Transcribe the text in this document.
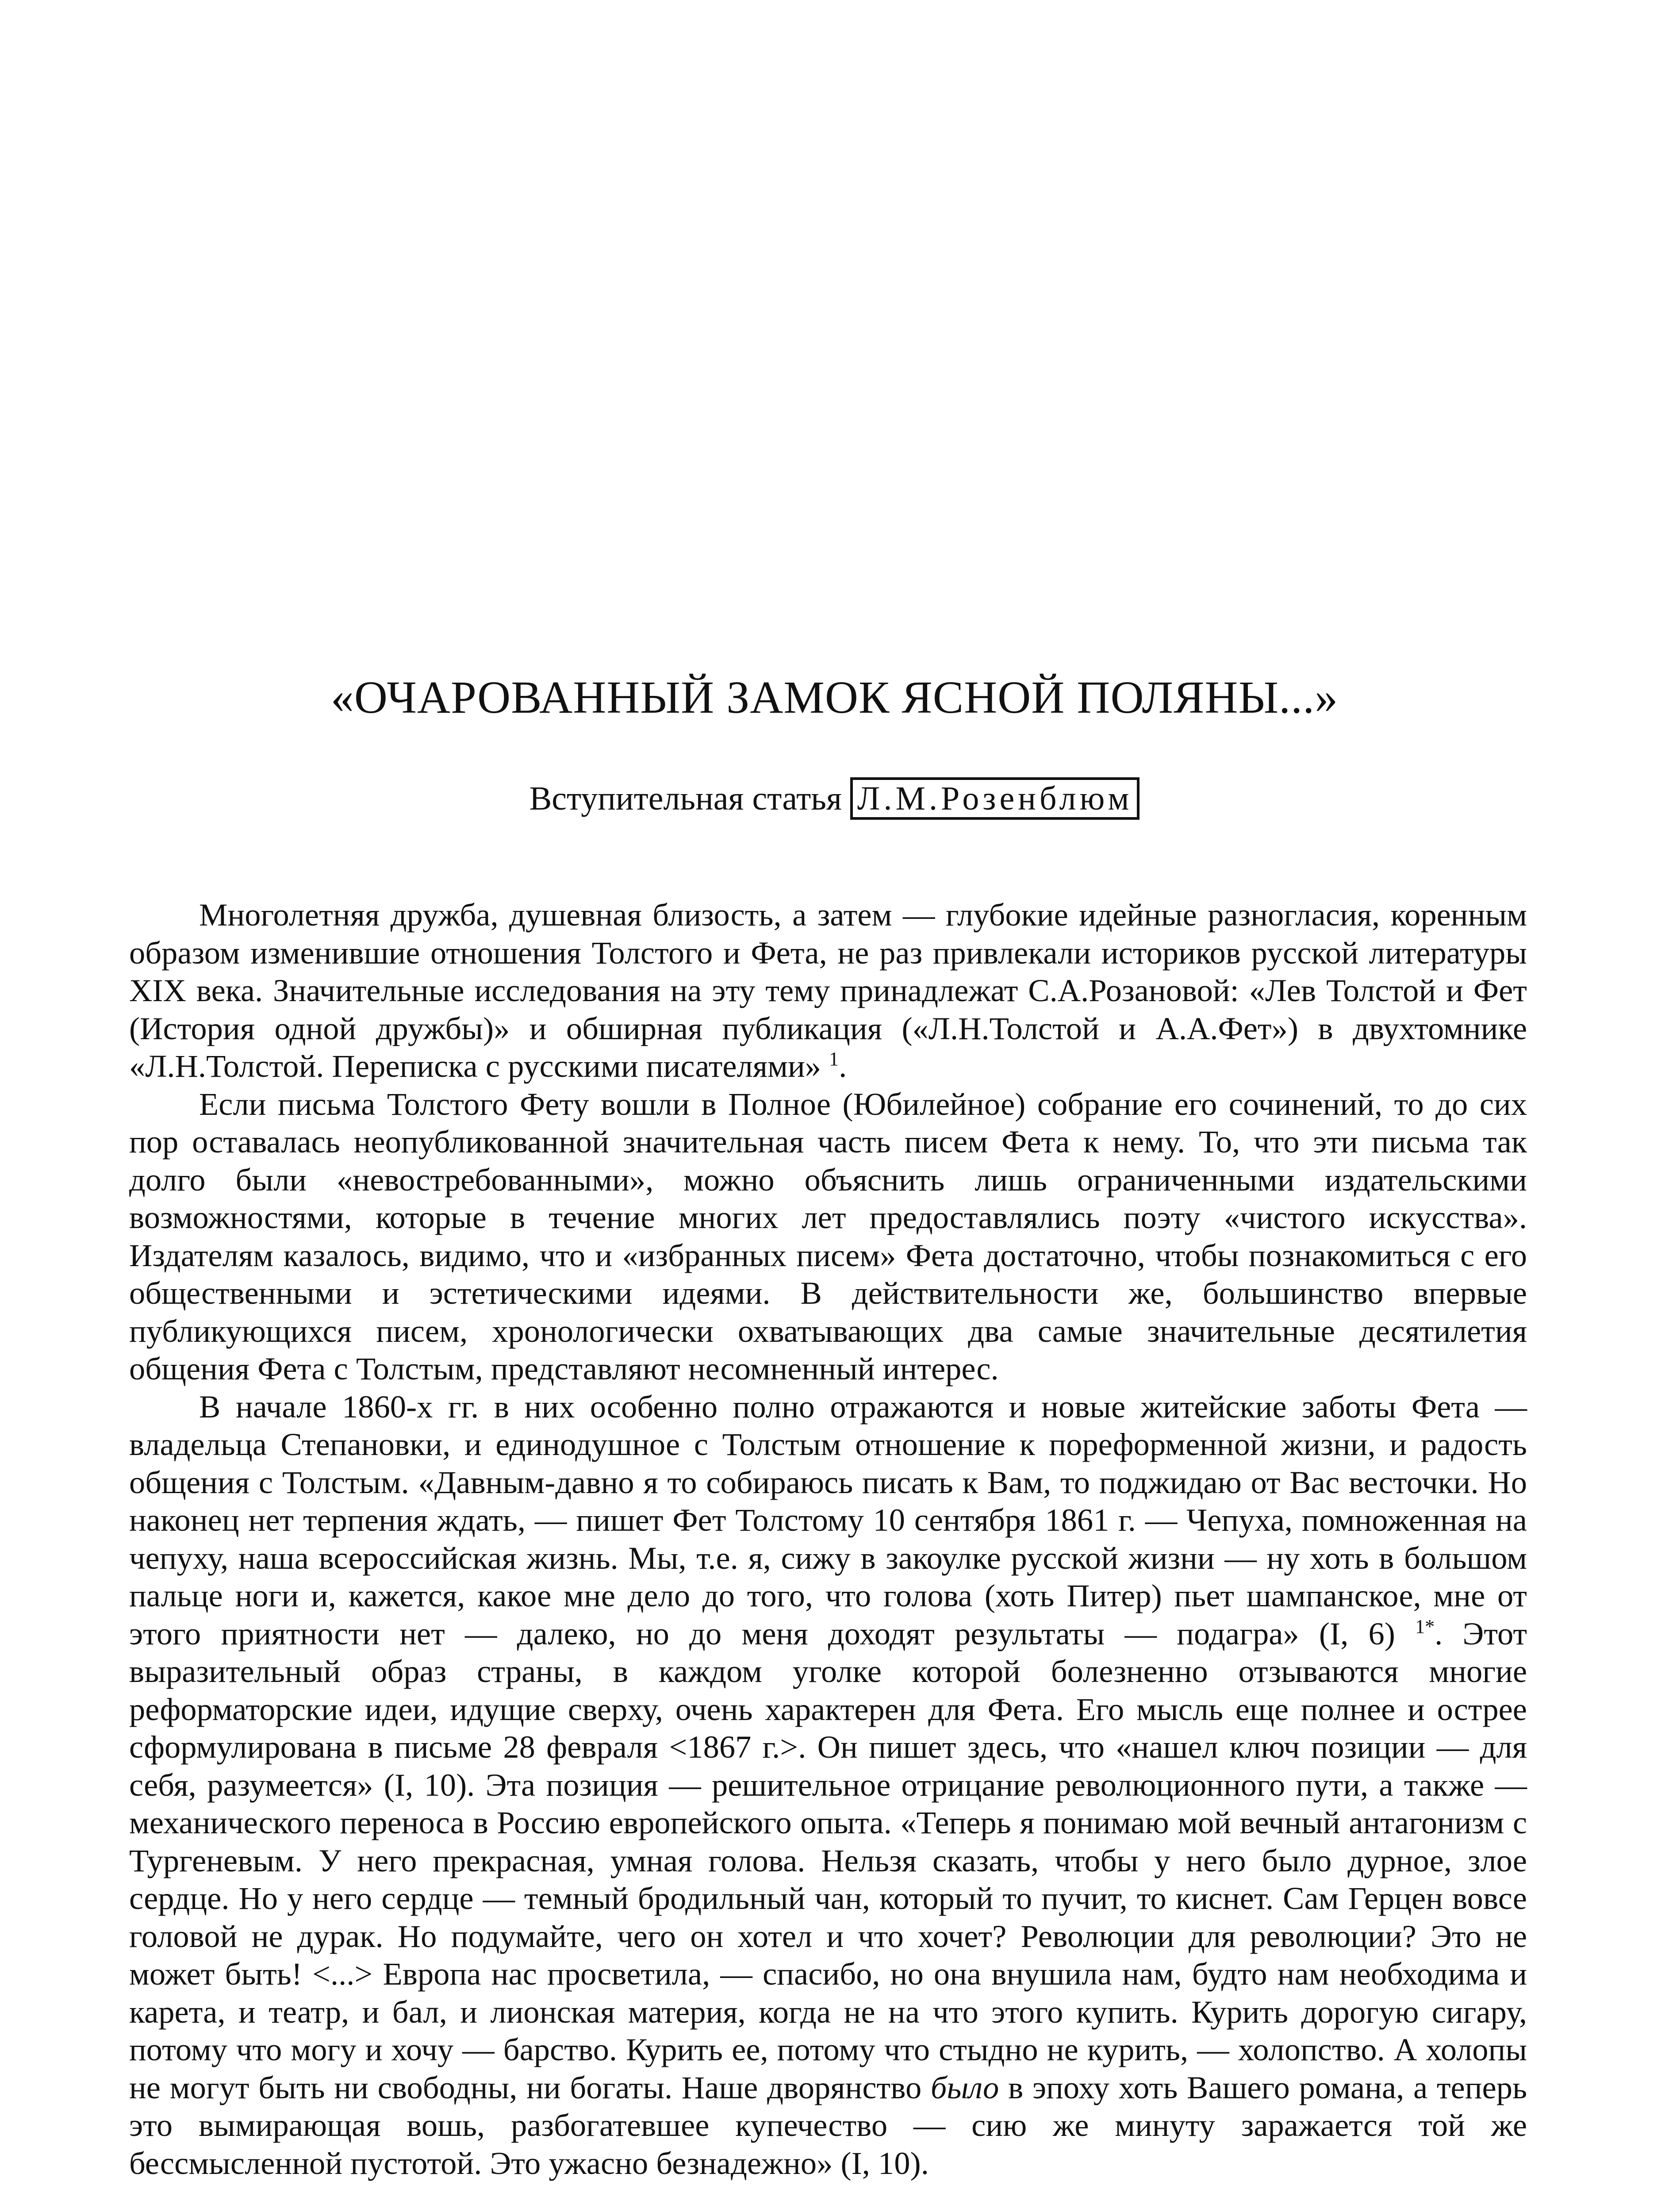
«ОЧАРОВАННЫЙ ЗАМОК ЯСНОЙ ПОЛЯНЫ...»
Вступительная статья Л.М.Розенблюм

Многолетняя дружба, душевная близость, а затем — глубокие идейные разногласия, коренным образом изменившие отношения Толстого и Фета, не раз привлекали историков русской литературы XIX века. Значительные исследования на эту тему принадлежат С.А.Розановой: «Лев Толстой и Фет (История одной дружбы)» и обширная публикация («Л.Н.Толстой и А.А.Фет») в двухтомнике «Л.Н.Толстой. Переписка с русскими писателями» $^1$.

Если письма Толстого Фету вошли в Полное (Юбилейное) собрание его сочинений, то до сих пор оставалась неопубликованной значительная часть писем Фета к нему. То, что эти письма так долго были «невостребованными», можно объяснить лишь ограниченными издательскими возможностями, которые в течение многих лет предоставлялись поэту «чистого искусства». Издателям казалось, видимо, что и «избранных писем» Фета достаточно, чтобы познакомиться с его общественными и эстетическими идеями. В действительности же, большинство впервые публикующихся писем, хронологически охватывающих два самые значительные десятилетия общения Фета с Толстым, представляют несомненный интерес.

В начале 1860-х гг. в них особенно полно отражаются и новые житейские заботы Фета — владельца Степановки, и единодушное с Толстым отношение к пореформенной жизни, и радость общения с Толстым. «Давным-давно я то собираюсь писать к Вам, то поджидаю от Вас весточки. Но наконец нет терпения ждать, — пишет Фет Толстому 10 сентября 1861 г. — Чепуха, помноженная на чепуху, наша всероссийская жизнь. Мы, т.е. я, сижу в закоулке русской жизни — ну хоть в большом пальце ноги и, кажется, какое мне дело до того, что голова (хоть Питер) пьет шампанское, мне от этого приятности нет — далеко, но до меня доходят результаты — подагра» (I, 6) $^{1*}$. Этот выразительный образ страны, в каждом уголке которой болезненно отзываются многие реформаторские идеи, идущие сверху, очень характерен для Фета. Его мысль еще полнее и острее сформулирована в письме 28 февраля <1867 г.>. Он пишет здесь, что «нашел ключ позиции — для себя, разумеется» (I, 10). Эта позиция — решительное отрицание революционного пути, а также — механического переноса в Россию европейского опыта. «Теперь я понимаю мой вечный антагонизм с Тургеневым. У него прекрасная, умная голова. Нельзя сказать, чтобы у него было дурное, злое сердце. Но у него сердце — темный бродильный чан, который то пучит, то киснет. Сам Герцен вовсе головой не дурак. Но подумайте, чего он хотел и что хочет? Революции для революции? Это не может быть! <...> Европа нас просветила, — спасибо, но она внушила нам, будто нам необходима и карета, и театр, и бал, и лионская материя, когда не на что этого купить. Курить дорогую сигару, потому что могу и хочу — барство. Курить ее, потому что стыдно не курить, — холопство. А холопы не могут быть ни свободны, ни богаты. Наше дворянство было в эпоху хоть Вашего романа, а теперь это вымирающая вошь, разбогатевшее купечество — сию же минуту заражается той же бессмысленной пустотой. Это ужасно безнадежно» (I, 10).
